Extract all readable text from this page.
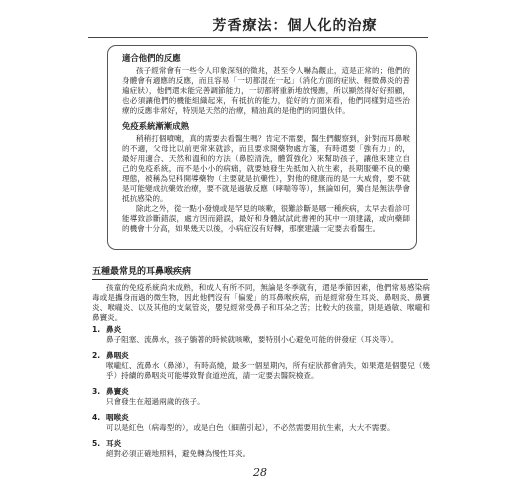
芳香療法：個人化的治療
適合他們的反應

孩子經常會有一些令人印象深刻的徵兆，甚至令人嚇為觀止，這是正常的；他們的身體會有適應的反應，而且容易「一切都混在一起」（消化方面的症狀、輕微鼻炎的普遍症狀），他們還未能完善調節能力，一切都將重新地放慢應，所以顯然得好好照顧，也必須讓他們的機能組織起來，有抵抗的能力，從好的方面來看，他們同樣對這些治療的反應非常好，特別是天然的治療，精油真的是他們的同盟伙伴。

免疫系統漸漸成熟

稍稍打個噴嚏，真的需要去看醫生嗎？肯定不需要，醫生們觀察到，針對而耳鼻喉的不適，父母比以前更常來就診，而且要求開藥物處方箋，有時還要「強有力」的，最好用適合、天然和溫和的方法（鼻腔清洗，體質強化）來幫助孩子，讓他來建立自己的免疫系統，而不是小小的病痛，就要她發生先抵加入抗生素，長期服藥不良的藥理態，被稱為兒科開導藥物（主要就是抗藥性），對他的健康而的是一大威脅，要不就是可能變成抗藥效治療，要不就是過敏反應（哮喘等等），無論如何，獨自是無法學會抵抗感染的。

除此之外，從一點小發燒或是罕見的咳嗽，很難診斷是哪一種疾病，太早去看診可能導致診斷錯誤，處方因而錯誤，最好和身體試試此書裡的其中一項建議，或向藥師的機會十分高，如果幾天以後，小病症沒有好轉，那麼建議一定要去看醫生。

五種最常見的耳鼻喉疾病

孩童的免疫系統尚未成熟，和成人有所不同，無論是冬季就有，還是季節因素，他們常易感染病毒或是攜身而過的微生物，因此他們沒有「偏愛」的耳鼻喉疾病，而是經常發生耳炎、鼻咽炎、鼻竇炎、喉嚨炎、以及其他的支氣管炎，嬰兒經常受鼻子和耳朵之苦；比較大的孩童，則是過敏、喉嚨和鼻竇炎。

1. 鼻炎

鼻子阻塞、流鼻水，孩子躺著的時候就咳嗽，要特別小心避免可能的併發症（耳炎等）。

2. 鼻咽炎

喉嚨紅、流鼻水（鼻涕），有時高燒，最多一個星期內，所有症狀都會消失，如果還是個嬰兒（幾乎）持續的鼻咽炎可能導致腎食道逆流，請一定要去醫院檢查。

3. 鼻竇炎

只會發生在超過兩歲的孩子。

4. 咽喉炎

可以是紅色（病毒型的），或是白色（細菌引起），不必然需要用抗生素，大大不需要。

5. 耳炎

絕對必須正確地照料，避免轉為慢性耳炎。

28
